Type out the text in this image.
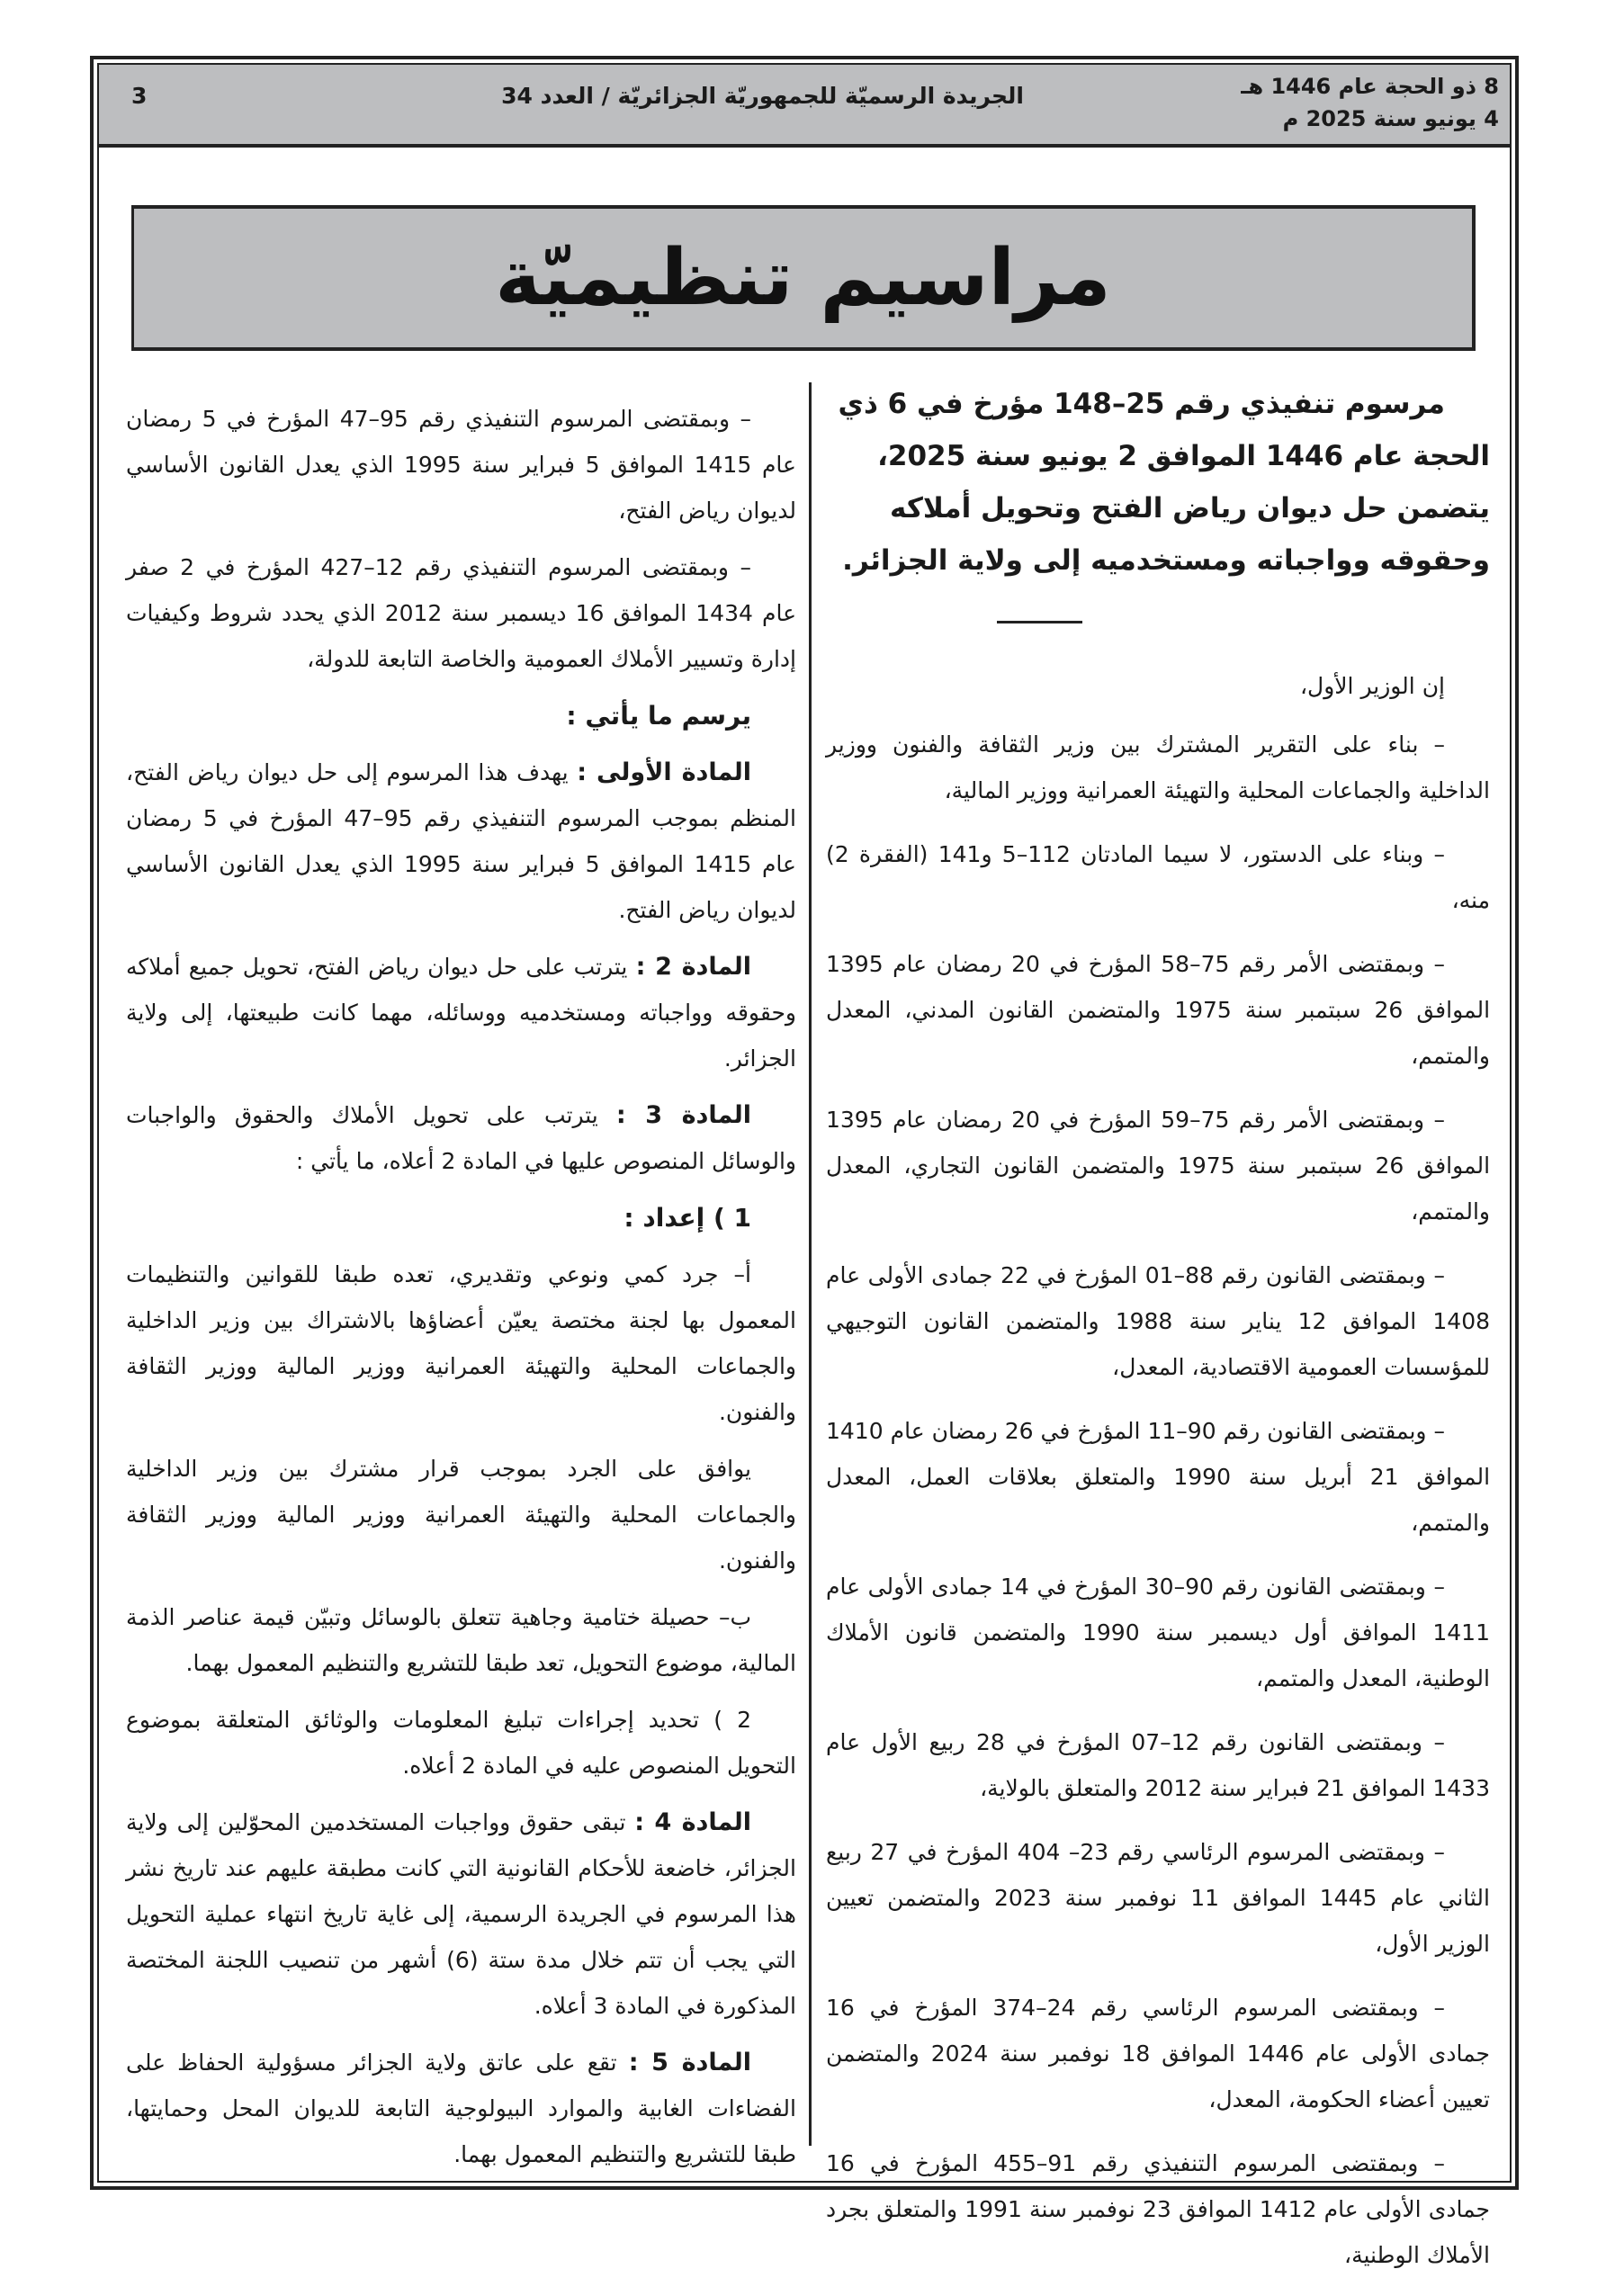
8 ذو الحجة عام 1446 هـ
4 يونيو سنة 2025 م
الجريدة الرسميّة للجمهوريّة الجزائريّة / العدد 34
3
مراسيم تنظيميّة

مرسوم تنفيذي رقم 25–148 مؤرخ في 6 ذي الحجة عام 1446 الموافق 2 يونيو سنة 2025، يتضمن حل ديوان رياض الفتح وتحويل أملاكه وحقوقه وواجباته ومستخدميه إلى ولاية الجزائر.

إن الوزير الأول،

– بناء على التقرير المشترك بين وزير الثقافة والفنون ووزير الداخلية والجماعات المحلية والتهيئة العمرانية ووزير المالية،

– وبناء على الدستور، لا سيما المادتان 112–5 و141 (الفقرة 2) منه،

– وبمقتضى الأمر رقم 75–58 المؤرخ في 20 رمضان عام 1395 الموافق 26 سبتمبر سنة 1975 والمتضمن القانون المدني، المعدل والمتمم،

– وبمقتضى الأمر رقم 75–59 المؤرخ في 20 رمضان عام 1395 الموافق 26 سبتمبر سنة 1975 والمتضمن القانون التجاري، المعدل والمتمم،

– وبمقتضى القانون رقم 88–01 المؤرخ في 22 جمادى الأولى عام 1408 الموافق 12 يناير سنة 1988 والمتضمن القانون التوجيهي للمؤسسات العمومية الاقتصادية، المعدل،

– وبمقتضى القانون رقم 90–11 المؤرخ في 26 رمضان عام 1410 الموافق 21 أبريل سنة 1990 والمتعلق بعلاقات العمل، المعدل والمتمم،

– وبمقتضى القانون رقم 90–30 المؤرخ في 14 جمادى الأولى عام 1411 الموافق أول ديسمبر سنة 1990 والمتضمن قانون الأملاك الوطنية، المعدل والمتمم،

– وبمقتضى القانون رقم 12–07 المؤرخ في 28 ربيع الأول عام 1433 الموافق 21 فبراير سنة 2012 والمتعلق بالولاية،

– وبمقتضى المرسوم الرئاسي رقم 23– 404 المؤرخ في 27 ربيع الثاني عام 1445 الموافق 11 نوفمبر سنة 2023 والمتضمن تعيين الوزير الأول،

– وبمقتضى المرسوم الرئاسي رقم 24–374 المؤرخ في 16 جمادى الأولى عام 1446 الموافق 18 نوفمبر سنة 2024 والمتضمن تعيين أعضاء الحكومة، المعدل،

– وبمقتضى المرسوم التنفيذي رقم 91–455 المؤرخ في 16 جمادى الأولى عام 1412 الموافق 23 نوفمبر سنة 1991 والمتعلق بجرد الأملاك الوطنية،

– وبمقتضى المرسوم التنفيذي رقم 95–47 المؤرخ في 5 رمضان عام 1415 الموافق 5 فبراير سنة 1995 الذي يعدل القانون الأساسي لديوان رياض الفتح،

– وبمقتضى المرسوم التنفيذي رقم 12–427 المؤرخ في 2 صفر عام 1434 الموافق 16 ديسمبر سنة 2012 الذي يحدد شروط وكيفيات إدارة وتسيير الأملاك العمومية والخاصة التابعة للدولة،

يرسم ما يأتي :

المادة الأولى : يهدف هذا المرسوم إلى حل ديوان رياض الفتح، المنظم بموجب المرسوم التنفيذي رقم 95–47 المؤرخ في 5 رمضان عام 1415 الموافق 5 فبراير سنة 1995 الذي يعدل القانون الأساسي لديوان رياض الفتح.

المادة 2 : يترتب على حل ديوان رياض الفتح، تحويل جميع أملاكه وحقوقه وواجباته ومستخدميه ووسائله، مهما كانت طبيعتها، إلى ولاية الجزائر.

المادة 3 : يترتب على تحويل الأملاك والحقوق والواجبات والوسائل المنصوص عليها في المادة 2 أعلاه، ما يأتي :

1 ) إعداد :

أ– جرد كمي ونوعي وتقديري، تعده طبقا للقوانين والتنظيمات المعمول بها لجنة مختصة يعيّن أعضاؤها بالاشتراك بين وزير الداخلية والجماعات المحلية والتهيئة العمرانية ووزير المالية ووزير الثقافة والفنون.

يوافق على الجرد بموجب قرار مشترك بين وزير الداخلية والجماعات المحلية والتهيئة العمرانية ووزير المالية ووزير الثقافة والفنون.

ب– حصيلة ختامية وجاهية تتعلق بالوسائل وتبيّن قيمة عناصر الذمة المالية، موضوع التحويل، تعد طبقا للتشريع والتنظيم المعمول بهما.

2 ) تحديد إجراءات تبليغ المعلومات والوثائق المتعلقة بموضوع التحويل المنصوص عليه في المادة 2 أعلاه.

المادة 4 : تبقى حقوق وواجبات المستخدمين المحوّلين إلى ولاية الجزائر، خاضعة للأحكام القانونية التي كانت مطبقة عليهم عند تاريخ نشر هذا المرسوم في الجريدة الرسمية، إلى غاية تاريخ انتهاء عملية التحويل التي يجب أن تتم خلال مدة ستة (6) أشهر من تنصيب اللجنة المختصة المذكورة في المادة 3 أعلاه.

المادة 5 : تقع على عاتق ولاية الجزائر مسؤولية الحفاظ على الفضاءات الغابية والموارد البيولوجية التابعة للديوان المحل وحمايتها، طبقا للتشريع والتنظيم المعمول بهما.
